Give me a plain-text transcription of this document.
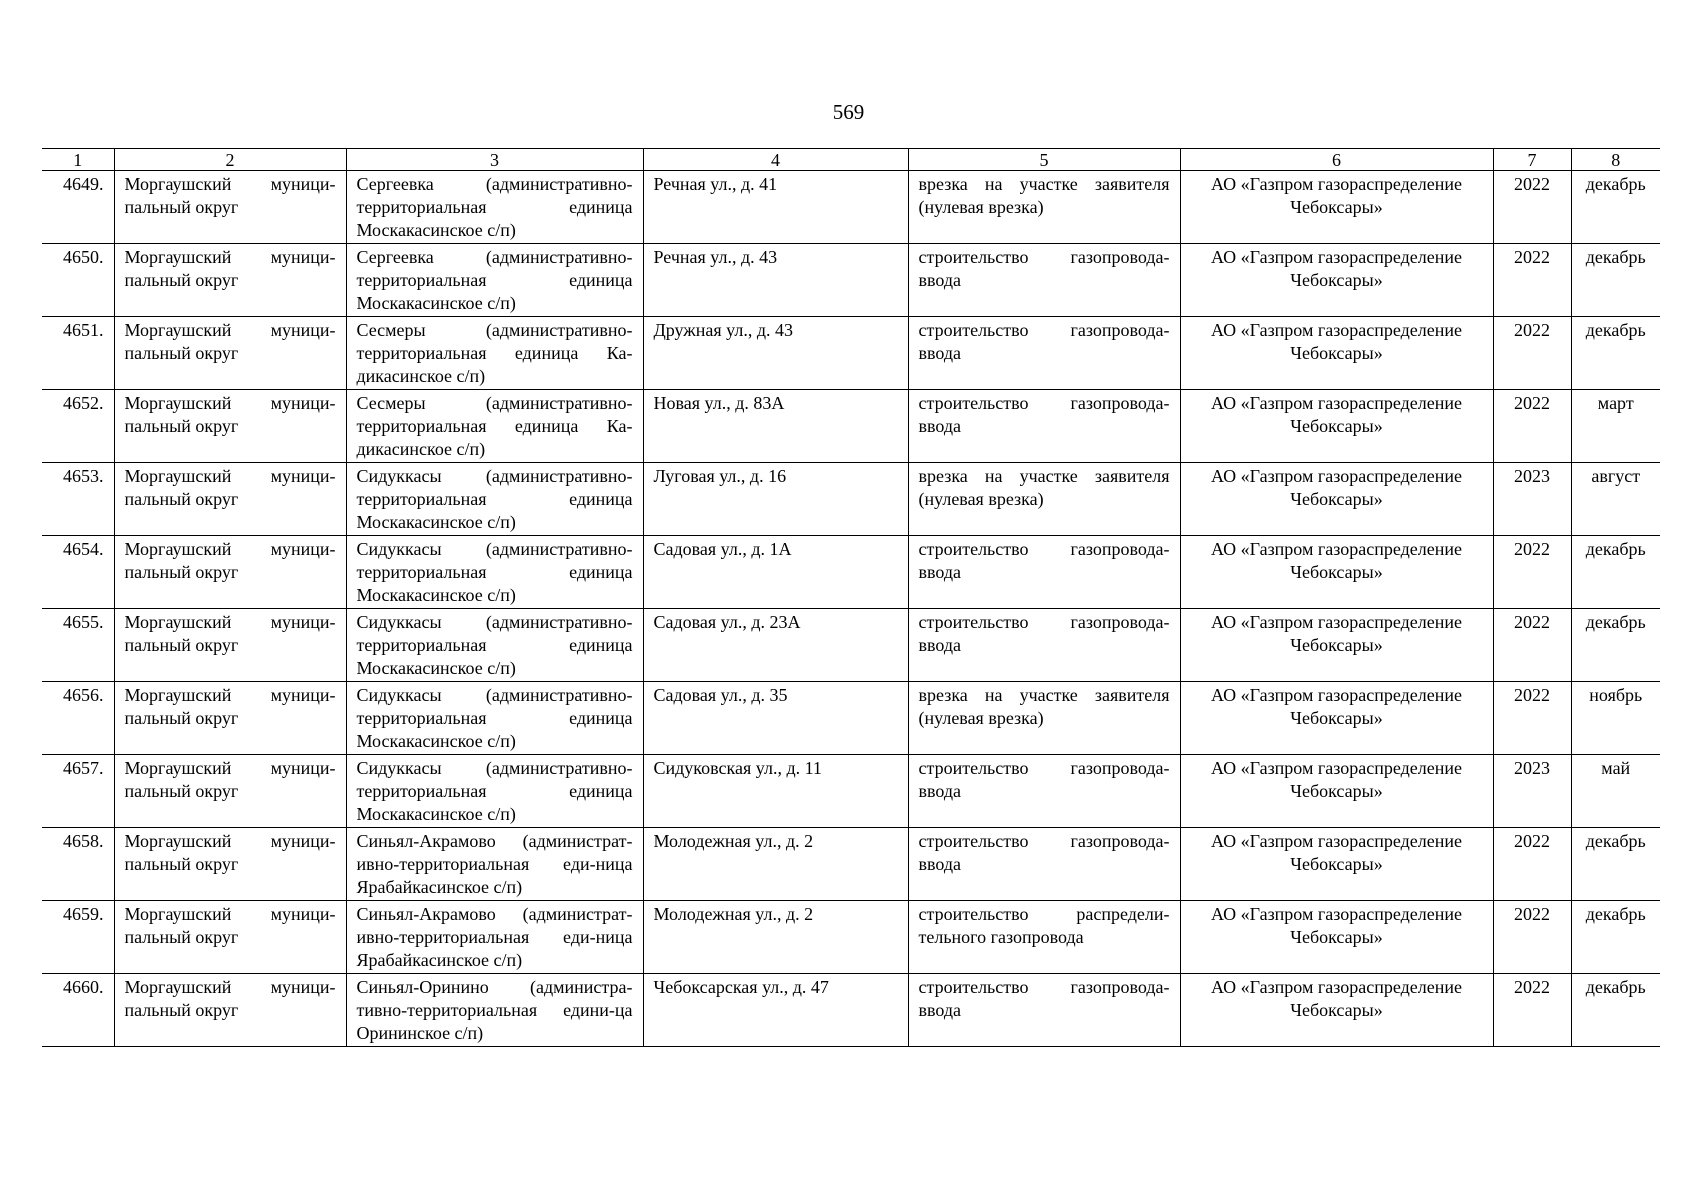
569
1	2	3	4	5	6	7	8
4649.	Моргаушский муници-пальный округ	Сергеевка (административно-территориальная единица Москакасинское с/п)	Речная ул., д. 41	врезка на участке заявителя (нулевая врезка)	АО «Газпром газораспределение Чебоксары»	2022	декабрь
4650.	Моргаушский муници-пальный округ	Сергеевка (административно-территориальная единица Москакасинское с/п)	Речная ул., д. 43	строительство газопровода-ввода	АО «Газпром газораспределение Чебоксары»	2022	декабрь
4651.	Моргаушский муници-пальный округ	Сесмеры (административно-территориальная единица Ка-дикасинское с/п)	Дружная ул., д. 43	строительство газопровода-ввода	АО «Газпром газораспределение Чебоксары»	2022	декабрь
4652.	Моргаушский муници-пальный округ	Сесмеры (административно-территориальная единица Ка-дикасинское с/п)	Новая ул., д. 83А	строительство газопровода-ввода	АО «Газпром газораспределение Чебоксары»	2022	март
4653.	Моргаушский муници-пальный округ	Сидуккасы (административно-территориальная единица Москакасинское с/п)	Луговая ул., д. 16	врезка на участке заявителя (нулевая врезка)	АО «Газпром газораспределение Чебоксары»	2023	август
4654.	Моргаушский муници-пальный округ	Сидуккасы (административно-территориальная единица Москакасинское с/п)	Садовая ул., д. 1А	строительство газопровода-ввода	АО «Газпром газораспределение Чебоксары»	2022	декабрь
4655.	Моргаушский муници-пальный округ	Сидуккасы (административно-территориальная единица Москакасинское с/п)	Садовая ул., д. 23А	строительство газопровода-ввода	АО «Газпром газораспределение Чебоксары»	2022	декабрь
4656.	Моргаушский муници-пальный округ	Сидуккасы (административно-территориальная единица Москакасинское с/п)	Садовая ул., д. 35	врезка на участке заявителя (нулевая врезка)	АО «Газпром газораспределение Чебоксары»	2022	ноябрь
4657.	Моргаушский муници-пальный округ	Сидуккасы (административно-территориальная единица Москакасинское с/п)	Сидуковская ул., д. 11	строительство газопровода-ввода	АО «Газпром газораспределение Чебоксары»	2023	май
4658.	Моргаушский муници-пальный округ	Синьял-Акрамово (администрат-ивно-территориальная еди-ница Ярабайкасинское с/п)	Молодежная ул., д. 2	строительство газопровода-ввода	АО «Газпром газораспределение Чебоксары»	2022	декабрь
4659.	Моргаушский муници-пальный округ	Синьял-Акрамово (администрат-ивно-территориальная еди-ница Ярабайкасинское с/п)	Молодежная ул., д. 2	строительство распредели-тельного газопровода	АО «Газпром газораспределение Чебоксары»	2022	декабрь
4660.	Моргаушский муници-пальный округ	Синьял-Оринино (администра-тивно-территориальная едини-ца Орининское с/п)	Чебоксарская ул., д. 47	строительство газопровода-ввода	АО «Газпром газораспределение Чебоксары»	2022	декабрь
